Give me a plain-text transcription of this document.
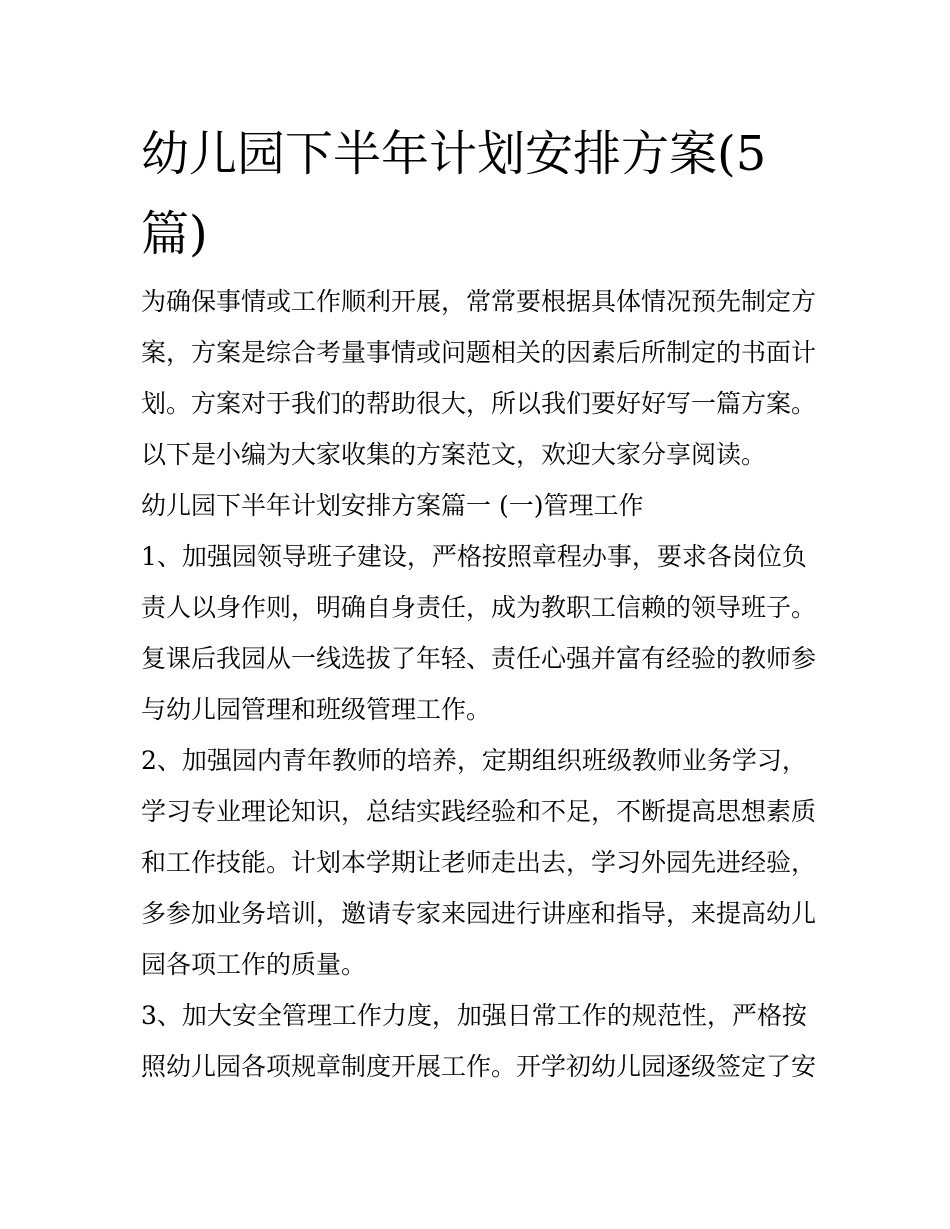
幼儿园下半年计划安排方案(5
篇)

为确保事情或工作顺利开展，常常要根据具体情况预先制定方
案，方案是综合考量事情或问题相关的因素后所制定的书面计
划。方案对于我们的帮助很大，所以我们要好好写一篇方案。
以下是小编为大家收集的方案范文，欢迎大家分享阅读。

幼儿园下半年计划安排方案篇一 (一)管理工作

1、加强园领导班子建设，严格按照章程办事，要求各岗位负
责人以身作则，明确自身责任，成为教职工信赖的领导班子。
复课后我园从一线选拔了年轻、责任心强并富有经验的教师参
与幼儿园管理和班级管理工作。

2、加强园内青年教师的培养，定期组织班级教师业务学习，
学习专业理论知识，总结实践经验和不足，不断提高思想素质
和工作技能。计划本学期让老师走出去，学习外园先进经验，
多参加业务培训，邀请专家来园进行讲座和指导，来提高幼儿
园各项工作的质量。

3、加大安全管理工作力度，加强日常工作的规范性，严格按
照幼儿园各项规章制度开展工作。开学初幼儿园逐级签定了安
